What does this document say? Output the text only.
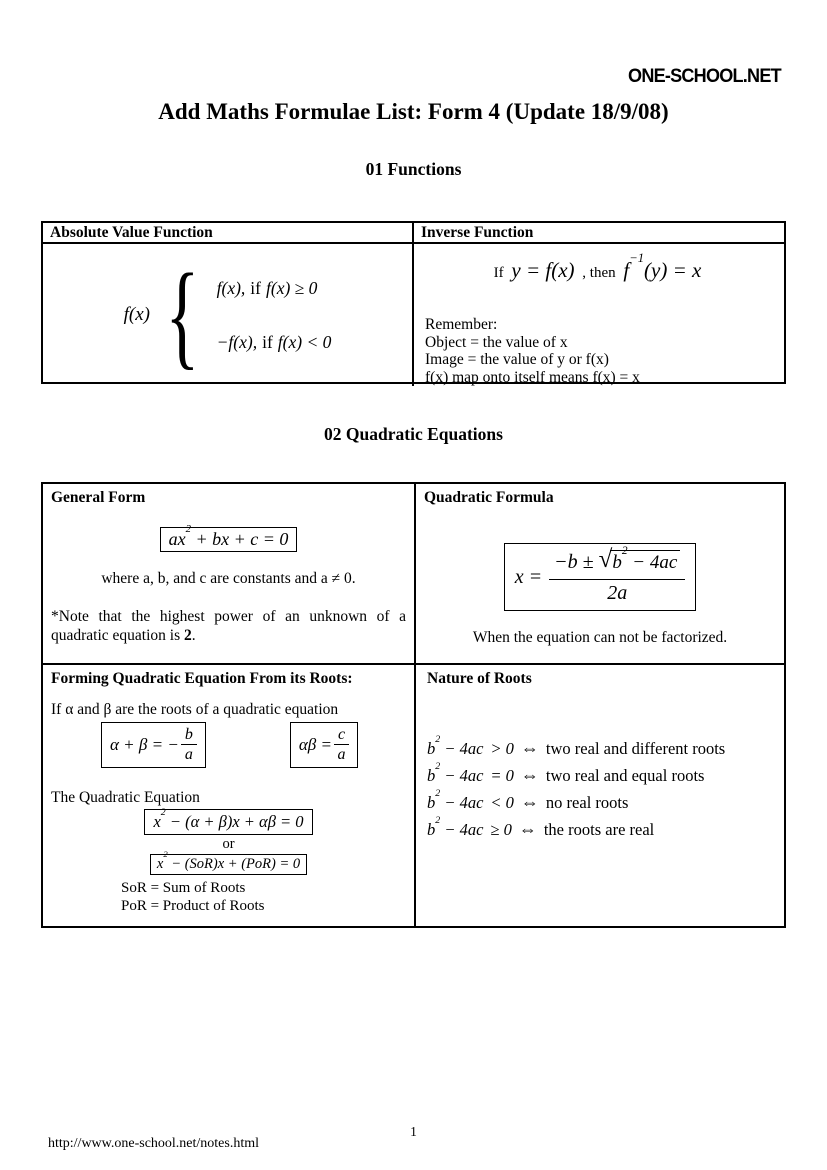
ONE-SCHOOL.NET
Add Maths Formulae List: Form 4 (Update 18/9/08)
01 Functions
Absolute Value Function	Inverse Function
f(x) { f(x), if f(x) ≥ 0
−f(x), if f(x) < 0
If y = f(x) , then $f^{-1}(y) = x$
Remember:
Object = the value of x
Image = the value of y or f(x)
f(x) map onto itself means f(x) = x
02 Quadratic Equations
General Form
$ax^2$ + bx + c = 0
where a, b, and c are constants and a ≠ 0.
*Note that the highest power of an unknown of a quadratic equation is 2.
Quadratic Formula
$x = \frac{-b \pm √ b^2 - 4ac}{2a}$
When the equation can not be factorized.
Forming Quadratic Equation From its Roots:
If α and β are the roots of a quadratic equation
α + β = − $\frac{b}{a}$	$\alpha\beta = \frac{c}{a}$
The Quadratic Equation
$x^2 - (\alpha + \beta)x + \alpha\beta = 0$
or
$x^2 - (SoR)x + (PoR) = 0$
SoR = Sum of Roots
PoR = Product of Roots
Nature of Roots
$b^2 - 4ac > 0$ ⇔ two real and different roots
$b^2 - 4ac = 0$ ⇔ two real and equal roots
$b^2 - 4ac < 0$ ⇔ no real roots
$b^2 - 4ac \ge 0$ ⇔ the roots are real
1
http://www.one-school.net/notes.html
